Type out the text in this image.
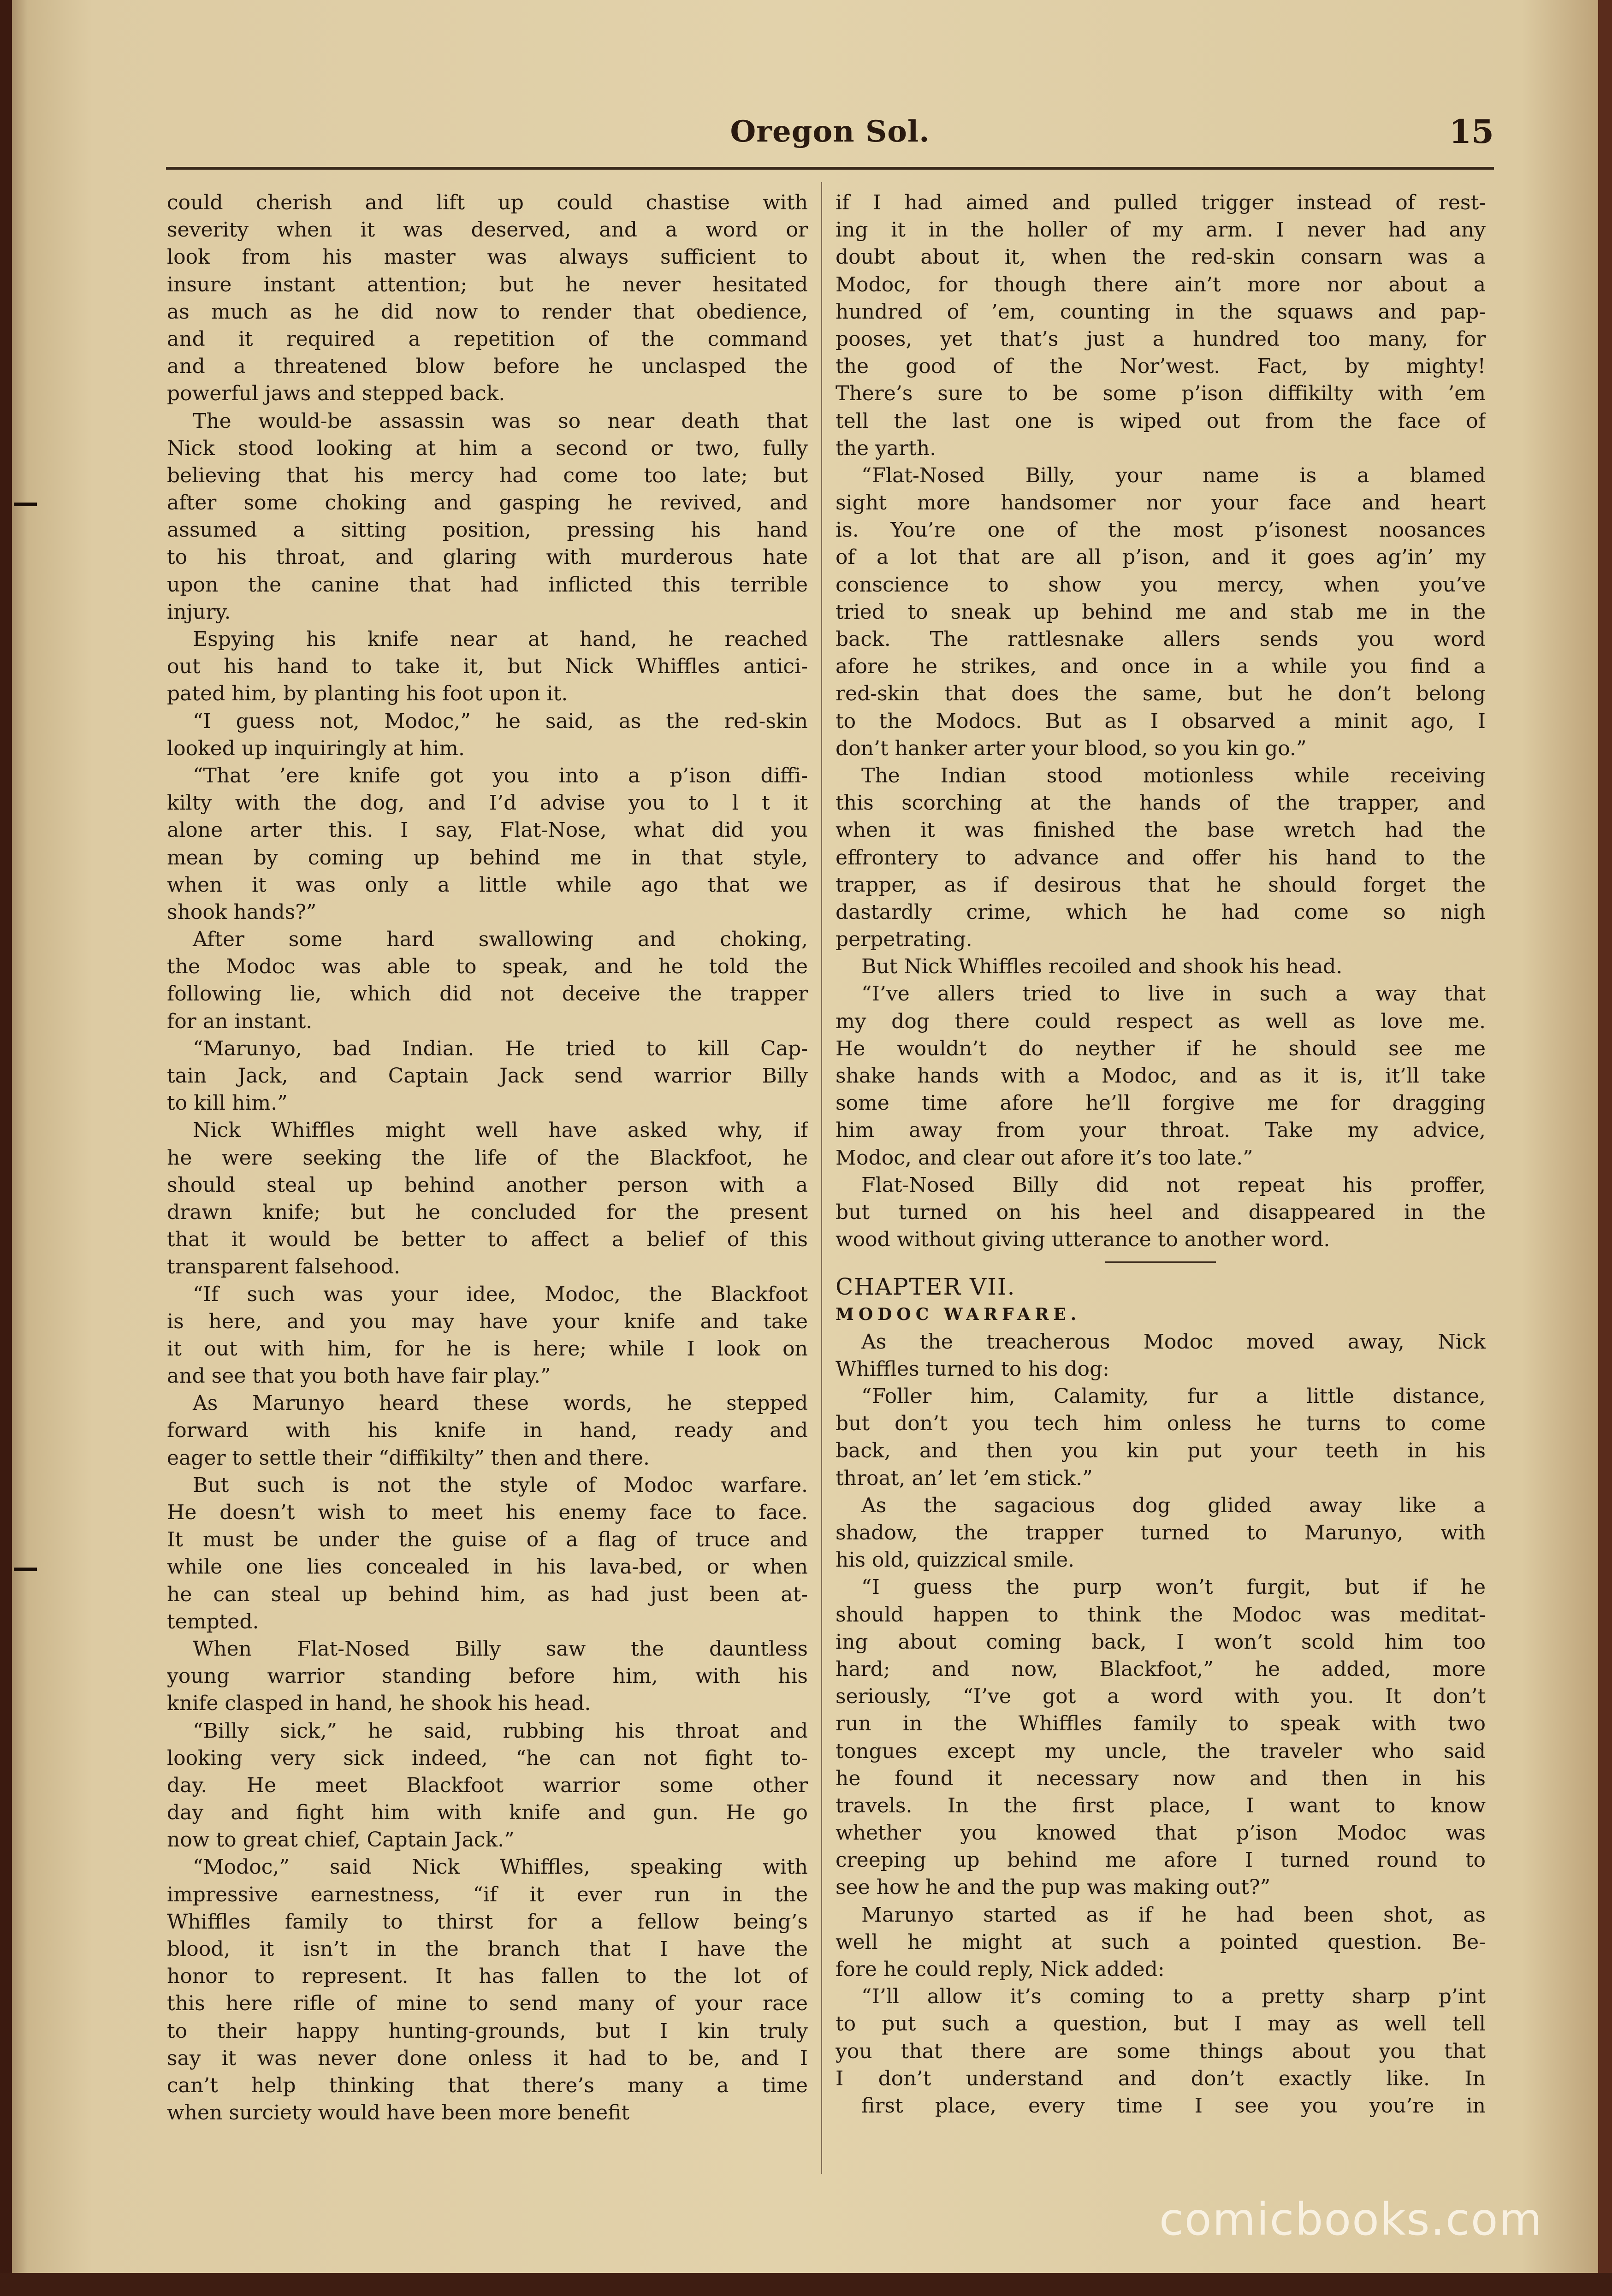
Oregon Sol.	15
could cherish and lift up could chastise with
severity when it was deserved, and a word or
look from his master was always sufficient to
insure instant attention; but he never hesitated
as much as he did now to render that obedience,
and it required a repetition of the command
and a threatened blow before he unclasped the
powerful jaws and stepped back.
The would-be assassin was so near death that
Nick stood looking at him a second or two, fully
believing that his mercy had come too late; but
after some choking and gasping he revived, and
assumed a sitting position, pressing his hand
to his throat, and glaring with murderous hate
upon the canine that had inflicted this terrible
injury.
Espying his knife near at hand, he reached
out his hand to take it, but Nick Whiffles antici-
pated him, by planting his foot upon it.
“I guess not, Modoc,” he said, as the red-skin
looked up inquiringly at him.
“That ’ere knife got you into a p’ison diffi-
kilty with the dog, and I’d advise you to l t it
alone arter this. I say, Flat-Nose, what did you
mean by coming up behind me in that style,
when it was only a little while ago that we
shook hands?”
After some hard swallowing and choking,
the Modoc was able to speak, and he told the
following lie, which did not deceive the trapper
for an instant.
“Marunyo, bad Indian. He tried to kill Cap-
tain Jack, and Captain Jack send warrior Billy
to kill him.”
Nick Whiffles might well have asked why, if
he were seeking the life of the Blackfoot, he
should steal up behind another person with a
drawn knife; but he concluded for the present
that it would be better to affect a belief of this
transparent falsehood.
“If such was your idee, Modoc, the Blackfoot
is here, and you may have your knife and take
it out with him, for he is here; while I look on
and see that you both have fair play.”
As Marunyo heard these words, he stepped
forward with his knife in hand, ready and
eager to settle their “diffikilty” then and there.
But such is not the style of Modoc warfare.
He doesn’t wish to meet his enemy face to face.
It must be under the guise of a flag of truce and
while one lies concealed in his lava-bed, or when
he can steal up behind him, as had just been at-
tempted.
When Flat-Nosed Billy saw the dauntless
young warrior standing before him, with his
knife clasped in hand, he shook his head.
“Billy sick,” he said, rubbing his throat and
looking very sick indeed, “he can not fight to-
day. He meet Blackfoot warrior some other
day and fight him with knife and gun. He go
now to great chief, Captain Jack.”
“Modoc,” said Nick Whiffles, speaking with
impressive earnestness, “if it ever run in the
Whiffles family to thirst for a fellow being’s
blood, it isn’t in the branch that I have the
honor to represent. It has fallen to the lot of
this here rifle of mine to send many of your race
to their happy hunting-grounds, but I kin truly
say it was never done onless it had to be, and I
can’t help thinking that there’s many a time
when surciety would have been more benefit
if I had aimed and pulled trigger instead of rest-
ing it in the holler of my arm. I never had any
doubt about it, when the red-skin consarn was a
Modoc, for though there ain’t more nor about a
hundred of ’em, counting in the squaws and pap-
pooses, yet that’s just a hundred too many, for
the good of the Nor’west. Fact, by mighty!
There’s sure to be some p’ison diffikilty with ’em
tell the last one is wiped out from the face of
the yarth.
“Flat-Nosed Billy, your name is a blamed
sight more handsomer nor your face and heart
is. You’re one of the most p’isonest noosances
of a lot that are all p’ison, and it goes ag’in’ my
conscience to show you mercy, when you’ve
tried to sneak up behind me and stab me in the
back. The rattlesnake allers sends you word
afore he strikes, and once in a while you find a
red-skin that does the same, but he don’t belong
to the Modocs. But as I obsarved a minit ago, I
don’t hanker arter your blood, so you kin go.”
The Indian stood motionless while receiving
this scorching at the hands of the trapper, and
when it was finished the base wretch had the
effrontery to advance and offer his hand to the
trapper, as if desirous that he should forget the
dastardly crime, which he had come so nigh
perpetrating.
But Nick Whiffles recoiled and shook his head.
“I’ve allers tried to live in such a way that
my dog there could respect as well as love me.
He wouldn’t do neyther if he should see me
shake hands with a Modoc, and as it is, it’ll take
some time afore he’ll forgive me for dragging
him away from your throat. Take my advice,
Modoc, and clear out afore it’s too late.”
Flat-Nosed Billy did not repeat his proffer,
but turned on his heel and disappeared in the
wood without giving utterance to another word.
CHAPTER VII.
MODOC WARFARE.
As the treacherous Modoc moved away, Nick
Whiffles turned to his dog:
“Foller him, Calamity, fur a little distance,
but don’t you tech him onless he turns to come
back, and then you kin put your teeth in his
throat, an’ let ’em stick.”
As the sagacious dog glided away like a
shadow, the trapper turned to Marunyo, with
his old, quizzical smile.
“I guess the purp won’t furgit, but if he
should happen to think the Modoc was meditat-
ing about coming back, I won’t scold him too
hard; and now, Blackfoot,” he added, more
seriously, “I’ve got a word with you. It don’t
run in the Whiffles family to speak with two
tongues except my uncle, the traveler who said
he found it necessary now and then in his
travels. In the first place, I want to know
whether you knowed that p’ison Modoc was
creeping up behind me afore I turned round to
see how he and the pup was making out?”
Marunyo started as if he had been shot, as
well he might at such a pointed question. Be-
fore he could reply, Nick added:
“I’ll allow it’s coming to a pretty sharp p’int
to put such a question, but I may as well tell
you that there are some things about you that
I don’t understand and don’t exactly like. In
first place, every time I see you you’re in
comicbooks.com
